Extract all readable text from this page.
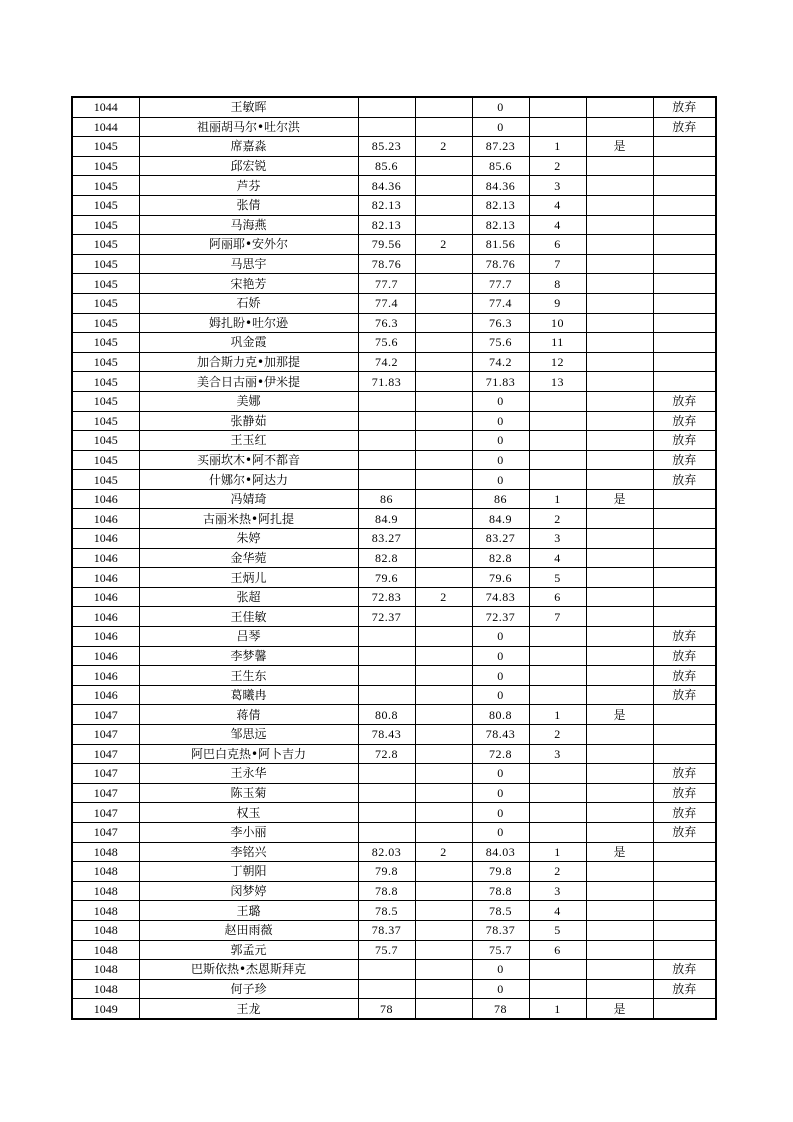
1044	王敏晖			0			放弃
1044	祖丽胡马尔•吐尔洪			0			放弃
1045	席嘉淼	85.23	2	87.23	1	是	
1045	邱宏锐	85.6		85.6	2		
1045	芦芬	84.36		84.36	3		
1045	张倩	82.13		82.13	4		
1045	马海燕	82.13		82.13	4		
1045	阿丽耶•安外尔	79.56	2	81.56	6		
1045	马思宇	78.76		78.76	7		
1045	宋艳芳	77.7		77.7	8		
1045	石娇	77.4		77.4	9		
1045	姆扎盼•吐尔逊	76.3		76.3	10		
1045	巩金霞	75.6		75.6	11		
1045	加合斯力克•加那提	74.2		74.2	12		
1045	美合日古丽•伊米提	71.83		71.83	13		
1045	美娜			0			放弃
1045	张静茹			0			放弃
1045	王玉红			0			放弃
1045	买丽坎木•阿不都音			0			放弃
1045	什娜尔•阿达力			0			放弃
1046	冯婧琦	86		86	1	是	
1046	古丽米热•阿扎提	84.9		84.9	2		
1046	朱婷	83.27		83.27	3		
1046	金华菀	82.8		82.8	4		
1046	王炳儿	79.6		79.6	5		
1046	张超	72.83	2	74.83	6		
1046	王佳敏	72.37		72.37	7		
1046	吕琴			0			放弃
1046	李梦馨			0			放弃
1046	王生东			0			放弃
1046	葛曦冉			0			放弃
1047	蒋倩	80.8		80.8	1	是	
1047	邹思远	78.43		78.43	2		
1047	阿巴白克热•阿卜吉力	72.8		72.8	3		
1047	王永华			0			放弃
1047	陈玉菊			0			放弃
1047	权玉			0			放弃
1047	李小丽			0			放弃
1048	李铭兴	82.03	2	84.03	1	是	
1048	丁朝阳	79.8		79.8	2		
1048	闵梦婷	78.8		78.8	3		
1048	王璐	78.5		78.5	4		
1048	赵田雨薇	78.37		78.37	5		
1048	郭孟元	75.7		75.7	6		
1048	巴斯依热•杰恩斯拜克			0			放弃
1048	何子珍			0			放弃
1049	王龙	78		78	1	是	
